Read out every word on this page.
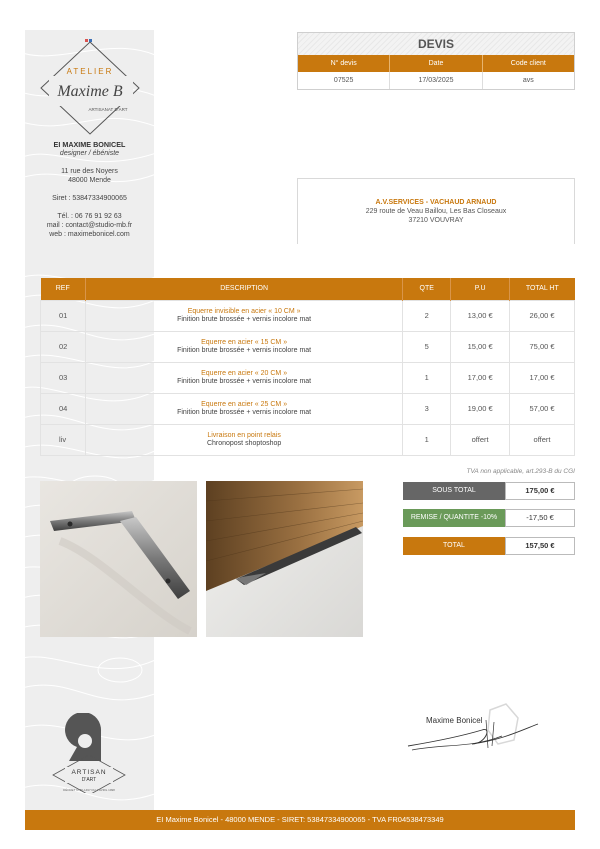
ATELIER
Maxime B
ARTISANAT D'ART
EI MAXIME BONICEL
designer / ébéniste
11 rue des Noyers
48000 Mende
Siret : 53847334900065
Tél. : 06 76 91 92 63
mail : contact@studio-mb.fr
web : maximebonicel.com
ARTISAN
D'ART
DÉCRET N°86-1497 DU 2 AVRIL 1998
DEVIS
N° devis	Date	Code client
07525	17/03/2025	avs
A.V.SERVICES - VACHAUD ARNAUD
229 route de Veau Baillou, Les Bas Closeaux
37210 VOUVRAY
REF	DESCRIPTION	QTE	P.U	TOTAL HT
01	Equerre invisible en acier « 10 CM »
Finition brute brossée + vernis incolore mat	2	13,00 €	26,00 €
02	Equerre en acier « 15 CM »
Finition brute brossée + vernis incolore mat	5	15,00 €	75,00 €
03	Equerre en acier « 20 CM »
Finition brute brossée + vernis incolore mat	1	17,00 €	17,00 €
04	Equerre en acier « 25 CM »
Finition brute brossée + vernis incolore mat	3	19,00 €	57,00 €
liv	Livraison en point relais
Chronopost shoptoshop	1	offert	offert
TVA non applicable, art.293-B du CGI
SOUS TOTAL	175,00 €
REMISE / QUANTITE -10%	-17,50 €
TOTAL	157,50 €
Maxime Bonicel
EI Maxime Bonicel - 48000 MENDE - SIRET: 53847334900065 - TVA FR04538473349
